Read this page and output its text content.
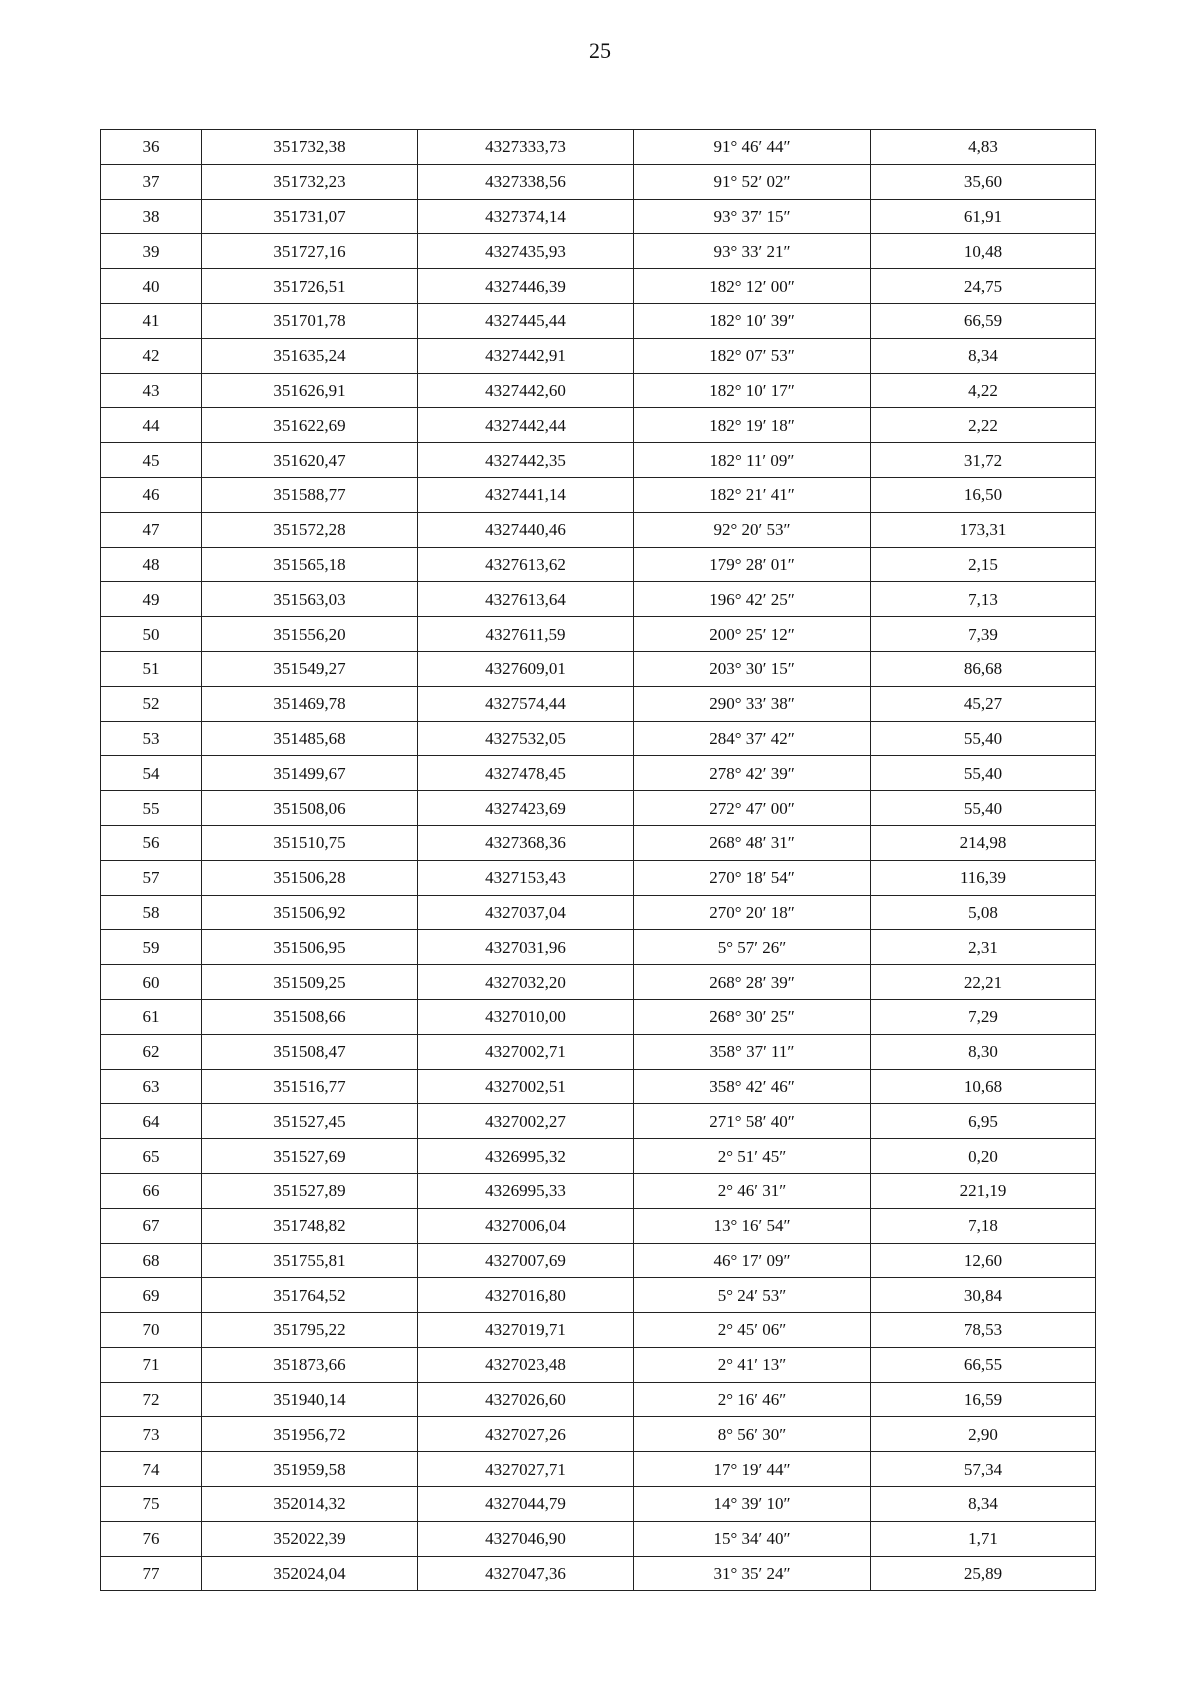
25
36	351732,38	4327333,73	91° 46′ 44″	4,83
37	351732,23	4327338,56	91° 52′ 02″	35,60
38	351731,07	4327374,14	93° 37′ 15″	61,91
39	351727,16	4327435,93	93° 33′ 21″	10,48
40	351726,51	4327446,39	182° 12′ 00″	24,75
41	351701,78	4327445,44	182° 10′ 39″	66,59
42	351635,24	4327442,91	182° 07′ 53″	8,34
43	351626,91	4327442,60	182° 10′ 17″	4,22
44	351622,69	4327442,44	182° 19′ 18″	2,22
45	351620,47	4327442,35	182° 11′ 09″	31,72
46	351588,77	4327441,14	182° 21′ 41″	16,50
47	351572,28	4327440,46	92° 20′ 53″	173,31
48	351565,18	4327613,62	179° 28′ 01″	2,15
49	351563,03	4327613,64	196° 42′ 25″	7,13
50	351556,20	4327611,59	200° 25′ 12″	7,39
51	351549,27	4327609,01	203° 30′ 15″	86,68
52	351469,78	4327574,44	290° 33′ 38″	45,27
53	351485,68	4327532,05	284° 37′ 42″	55,40
54	351499,67	4327478,45	278° 42′ 39″	55,40
55	351508,06	4327423,69	272° 47′ 00″	55,40
56	351510,75	4327368,36	268° 48′ 31″	214,98
57	351506,28	4327153,43	270° 18′ 54″	116,39
58	351506,92	4327037,04	270° 20′ 18″	5,08
59	351506,95	4327031,96	5° 57′ 26″	2,31
60	351509,25	4327032,20	268° 28′ 39″	22,21
61	351508,66	4327010,00	268° 30′ 25″	7,29
62	351508,47	4327002,71	358° 37′ 11″	8,30
63	351516,77	4327002,51	358° 42′ 46″	10,68
64	351527,45	4327002,27	271° 58′ 40″	6,95
65	351527,69	4326995,32	2° 51′ 45″	0,20
66	351527,89	4326995,33	2° 46′ 31″	221,19
67	351748,82	4327006,04	13° 16′ 54″	7,18
68	351755,81	4327007,69	46° 17′ 09″	12,60
69	351764,52	4327016,80	5° 24′ 53″	30,84
70	351795,22	4327019,71	2° 45′ 06″	78,53
71	351873,66	4327023,48	2° 41′ 13″	66,55
72	351940,14	4327026,60	2° 16′ 46″	16,59
73	351956,72	4327027,26	8° 56′ 30″	2,90
74	351959,58	4327027,71	17° 19′ 44″	57,34
75	352014,32	4327044,79	14° 39′ 10″	8,34
76	352022,39	4327046,90	15° 34′ 40″	1,71
77	352024,04	4327047,36	31° 35′ 24″	25,89
